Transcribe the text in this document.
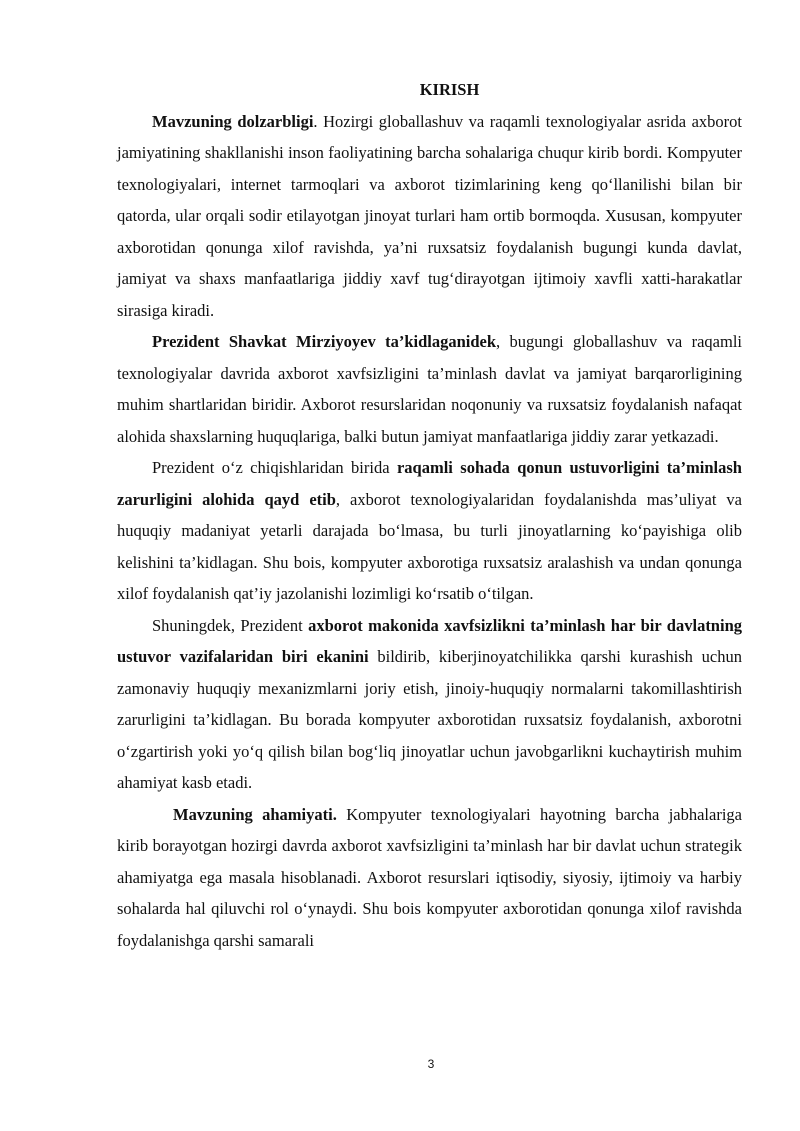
KIRISH

Mavzuning dolzarbligi. Hozirgi globallashuv va raqamli texnologiyalar asrida axborot jamiyatining shakllanishi inson faoliyatining barcha sohalariga chuqur kirib bordi. Kompyuter texnologiyalari, internet tarmoqlari va axborot tizimlarining keng qo‘llanilishi bilan bir qatorda, ular orqali sodir etilayotgan jinoyat turlari ham ortib bormoqda. Xususan, kompyuter axborotidan qonunga xilof ravishda, ya’ni ruxsatsiz foydalanish bugungi kunda davlat, jamiyat va shaxs manfaatlariga jiddiy xavf tug‘dirayotgan ijtimoiy xavfli xatti-harakatlar sirasiga kiradi.

Prezident Shavkat Mirziyoyev ta’kidlaganidek, bugungi globallashuv va raqamli texnologiyalar davrida axborot xavfsizligini ta’minlash davlat va jamiyat barqarorligining muhim shartlaridan biridir. Axborot resurslaridan noqonuniy va ruxsatsiz foydalanish nafaqat alohida shaxslarning huquqlariga, balki butun jamiyat manfaatlariga jiddiy zarar yetkazadi.

Prezident o‘z chiqishlaridan birida raqamli sohada qonun ustuvorligini ta’minlash zarurligini alohida qayd etib, axborot texnologiyalaridan foydalanishda mas’uliyat va huquqiy madaniyat yetarli darajada bo‘lmasa, bu turli jinoyatlarning ko‘payishiga olib kelishini ta’kidlagan. Shu bois, kompyuter axborotiga ruxsatsiz aralashish va undan qonunga xilof foydalanish qat’iy jazolanishi lozimligi ko‘rsatib o‘tilgan.

Shuningdek, Prezident axborot makonida xavfsizlikni ta’minlash har bir davlatning ustuvor vazifalaridan biri ekanini bildirib, kiberjinoyatchilikka qarshi kurashish uchun zamonaviy huquqiy mexanizmlarni joriy etish, jinoiy-huquqiy normalarni takomillashtirish zarurligini ta’kidlagan. Bu borada kompyuter axborotidan ruxsatsiz foydalanish, axborotni o‘zgartirish yoki yo‘q qilish bilan bog‘liq jinoyatlar uchun javobgarlikni kuchaytirish muhim ahamiyat kasb etadi.

Mavzuning ahamiyati. Kompyuter texnologiyalari hayotning barcha jabhalariga kirib borayotgan hozirgi davrda axborot xavfsizligini ta’minlash har bir davlat uchun strategik ahamiyatga ega masala hisoblanadi. Axborot resurslari iqtisodiy, siyosiy, ijtimoiy va harbiy sohalarda hal qiluvchi rol o‘ynaydi. Shu bois kompyuter axborotidan qonunga xilof ravishda foydalanishga qarshi samarali

3
